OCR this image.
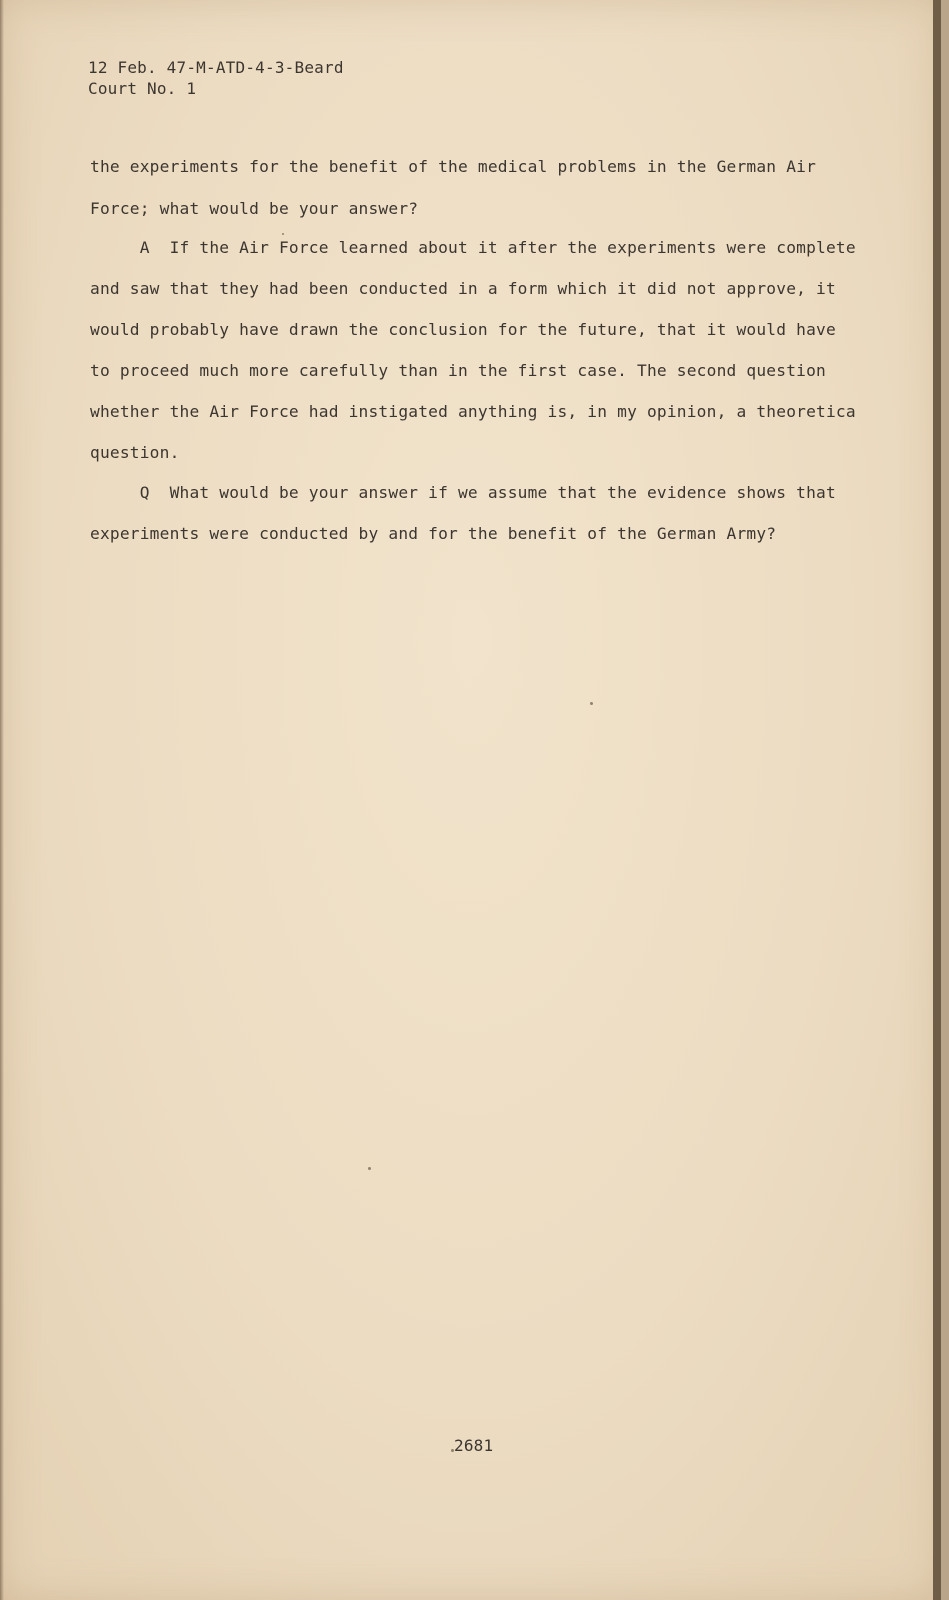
12 Feb. 47-M-ATD-4-3-Beard

Court No. 1

the experiments for the benefit of the medical problems in the German Air

Force; what would be your answer?

A  If the Air Force learned about it after the experiments were complete

and saw that they had been conducted in a form which it did not approve, it

would probably have drawn the conclusion for the future, that it would have

to proceed much more carefully than in the first case. The second question

whether the Air Force had instigated anything is, in my opinion, a theoretica

question.

Q  What would be your answer if we assume that the evidence shows that

experiments were conducted by and for the benefit of the German Army?

2681
